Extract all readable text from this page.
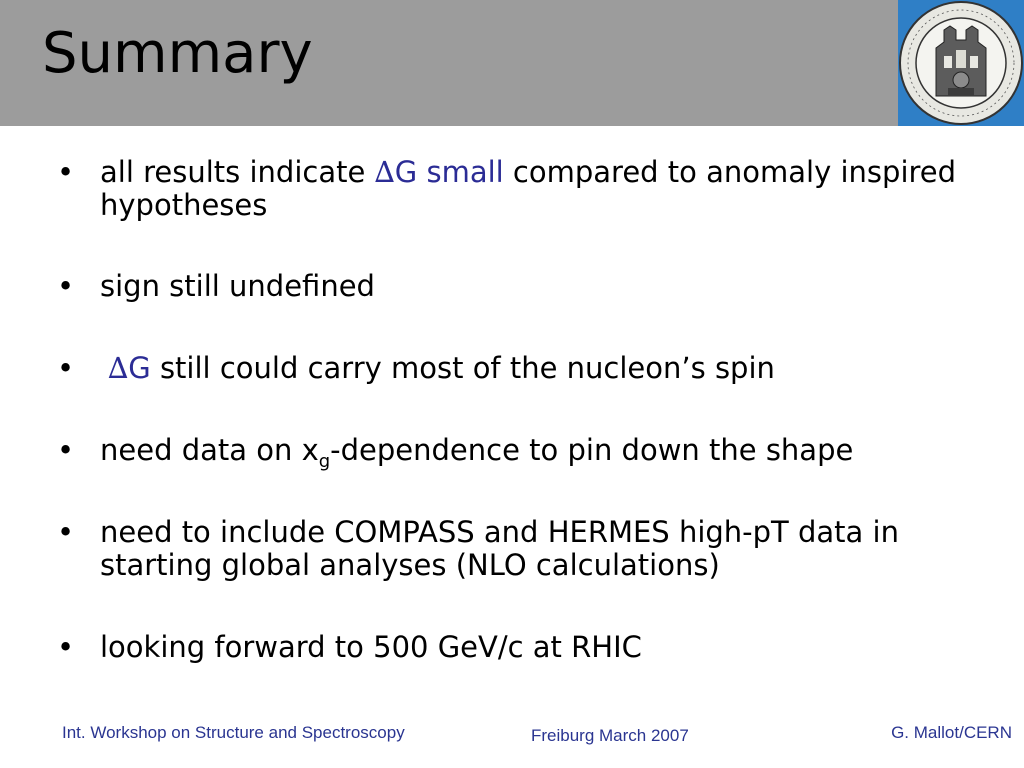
Summary
• all results indicate ∆G small compared to anomaly inspired hypotheses
• sign still undefined
• ∆G still could carry most of the nucleon’s spin
• need data on $x_g$-dependence to pin down the shape
• need to include COMPASS and HERMES high-pT data in starting global analyses (NLO calculations)
• looking forward to 500 GeV/c at RHIC
Int. Workshop on Structure and Spectroscopy	Freiburg March 2007	G. Mallot/CERN
